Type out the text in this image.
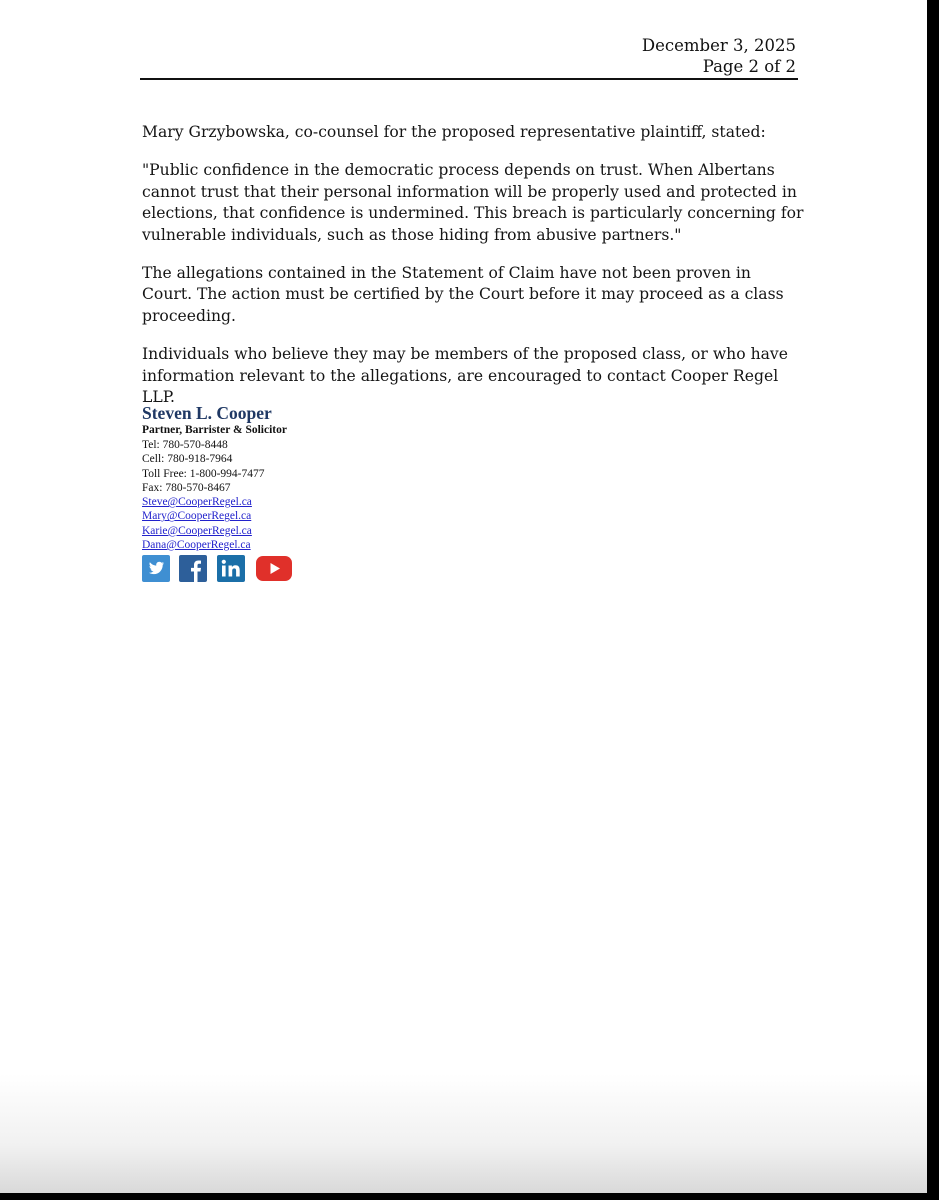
December 3, 2025
Page 2 of 2

Mary Grzybowska, co-counsel for the proposed representative plaintiff, stated:

"Public confidence in the democratic process depends on trust. When Albertans cannot trust that their personal information will be properly used and protected in elections, that confidence is undermined. This breach is particularly concerning for vulnerable individuals, such as those hiding from abusive partners."

The allegations contained in the Statement of Claim have not been proven in Court. The action must be certified by the Court before it may proceed as a class proceeding.

Individuals who believe they may be members of the proposed class, or who have information relevant to the allegations, are encouraged to contact Cooper Regel LLP.

Steven L. Cooper
Partner, Barrister & Solicitor
Tel: 780-570-8448
Cell: 780-918-7964
Toll Free: 1-800-994-7477
Fax: 780-570-8467
Steve@CooperRegel.ca
Mary@CooperRegel.ca
Karie@CooperRegel.ca
Dana@CooperRegel.ca
